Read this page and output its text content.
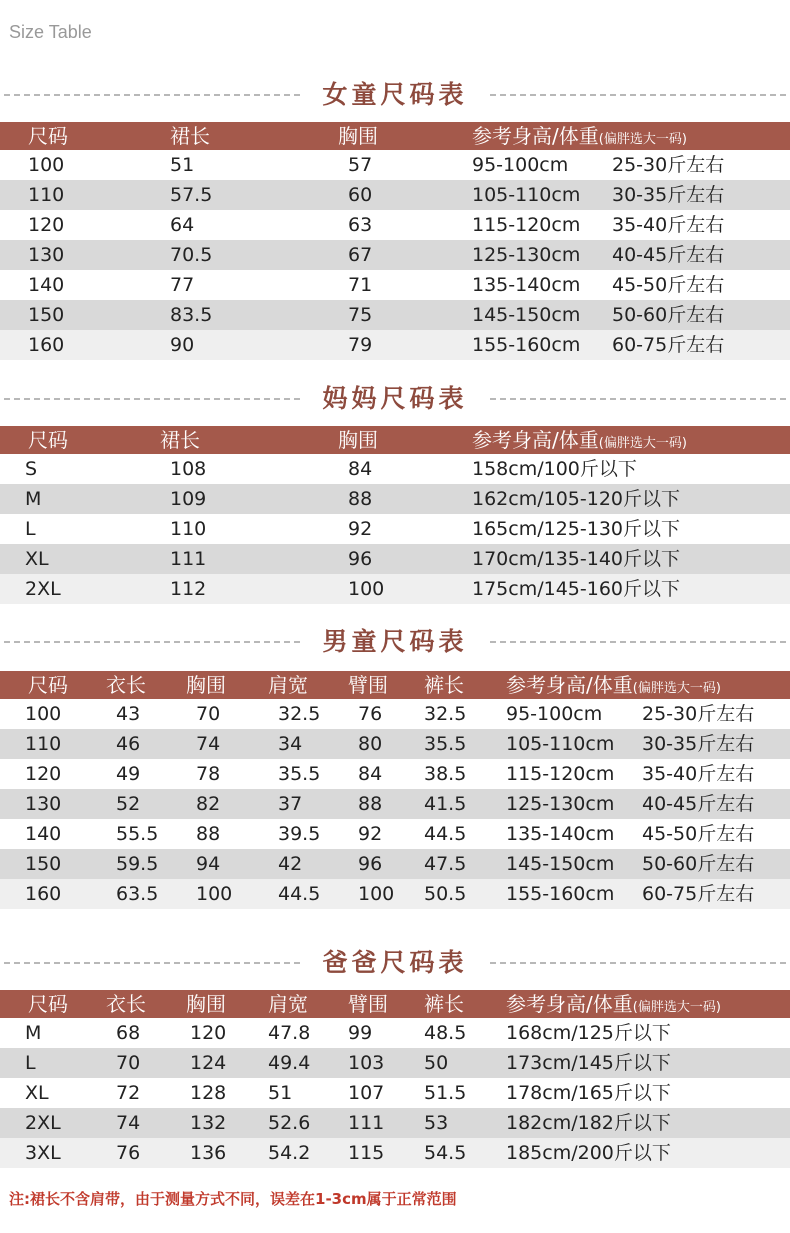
Size Table
女童尺码表
尺码	裙长	胸围	参考身高/体重(偏胖选大一码)
100	51	57	95-100cm 25-30斤左右
110	57.5	60	105-110cm 30-35斤左右
120	64	63	115-120cm 35-40斤左右
130	70.5	67	125-130cm 40-45斤左右
140	77	71	135-140cm 45-50斤左右
150	83.5	75	145-150cm 50-60斤左右
160	90	79	155-160cm 60-75斤左右
妈妈尺码表
尺码	裙长	胸围	参考身高/体重(偏胖选大一码)
S	108	84	158cm/100斤以下
M	109	88	162cm/105-120斤以下
L	110	92	165cm/125-130斤以下
XL	111	96	170cm/135-140斤以下
2XL	112	100	175cm/145-160斤以下
男童尺码表
尺码 衣长 胸围 肩宽 臂围 裤长 参考身高/体重(偏胖选大一码)
100	43	70	32.5 76 32.5 95-100cm 25-30斤左右
110	46	74	34	80 35.5 105-110cm 30-35斤左右
120	49	78	35.5 84 38.5 115-120cm 35-40斤左右
130	52	82	37	88 41.5 125-130cm 40-45斤左右
140	55.5 88	39.5 92 44.5 135-140cm 45-50斤左右
150	59.5 94	42	96 47.5 145-150cm 50-60斤左右
160	63.5 100 44.5 100 50.5 155-160cm 60-75斤左右
爸爸尺码表
尺码 衣长 胸围 肩宽 臂围 裤长 参考身高/体重(偏胖选大一码)
M	68	120 47.8 99	48.5 168cm/125斤以下
L	70	124 49.4 103 50	173cm/145斤以下
XL	72	128 51	107 51.5 178cm/165斤以下
2XL	74	132 52.6 111 53	182cm/182斤以下
3XL	76	136 54.2 115 54.5 185cm/200斤以下
注:裙长不含肩带，由于测量方式不同，误差在1-3cm属于正常范围
